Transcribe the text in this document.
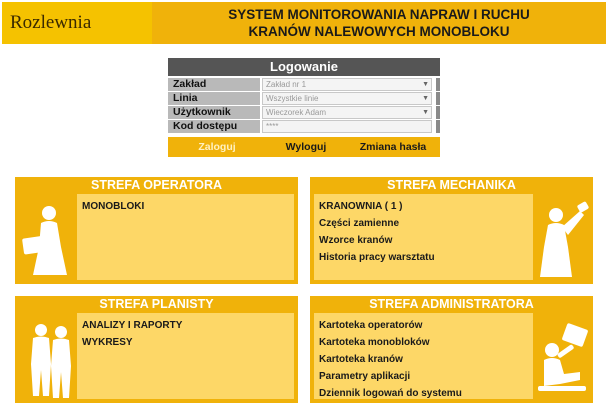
Rozlewnia	SYSTEM MONITOROWANIA NAPRAW I RUCHU
KRANÓW NALEWOWYCH MONOBLOKU
Logowanie
Zakład	Zakład nr 1	▼
Linia	Wszystkie linie	▼
Użytkownik	Wieczorek Adam	▼
Kod dostępu	****
Zaloguj	Wyloguj	Zmiana hasła
STREFA OPERATORA
MONOBLOKI
STREFA MECHANIKA
KRANOWNIA ( 1 )
Części zamienne
Wzorce kranów
Historia pracy warsztatu
STREFA PLANISTY
ANALIZY I RAPORTY
WYKRESY
STREFA ADMINISTRATORA
Kartoteka operatorów
Kartoteka monobloków
Kartoteka kranów
Parametry aplikacji
Dziennik logowań do systemu
